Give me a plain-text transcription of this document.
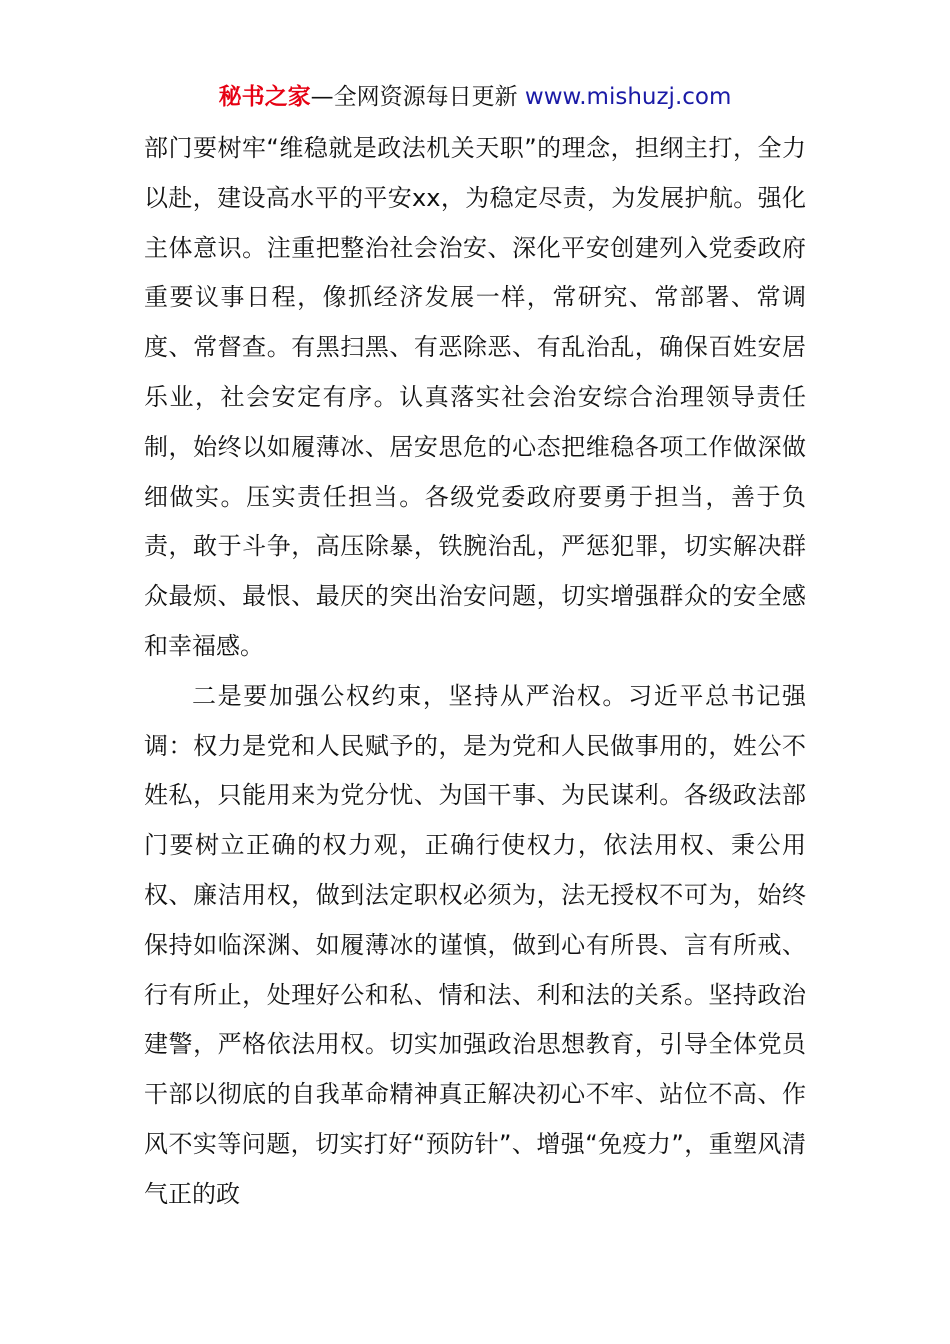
秘书之家—全网资源每日更新 www.mishuzj.com

部门要树牢“维稳就是政法机关天职”的理念，担纲主打，全力以赴，建设高水平的平安xx，为稳定尽责，为发展护航。强化主体意识。注重把整治社会治安、深化平安创建列入党委政府重要议事日程，像抓经济发展一样，常研究、常部署、常调度、常督查。有黑扫黑、有恶除恶、有乱治乱，确保百姓安居乐业，社会安定有序。认真落实社会治安综合治理领导责任制，始终以如履薄冰、居安思危的心态把维稳各项工作做深做细做实。压实责任担当。各级党委政府要勇于担当，善于负责，敢于斗争，高压除暴，铁腕治乱，严惩犯罪，切实解决群众最烦、最恨、最厌的突出治安问题，切实增强群众的安全感和幸福感。

二是要加强公权约束，坚持从严治权。习近平总书记强调：权力是党和人民赋予的，是为党和人民做事用的，姓公不姓私，只能用来为党分忧、为国干事、为民谋利。各级政法部门要树立正确的权力观，正确行使权力，依法用权、秉公用权、廉洁用权，做到法定职权必须为，法无授权不可为，始终保持如临深渊、如履薄冰的谨慎，做到心有所畏、言有所戒、行有所止，处理好公和私、情和法、利和法的关系。坚持政治建警，严格依法用权。切实加强政治思想教育，引导全体党员干部以彻底的自我革命精神真正解决初心不牢、站位不高、作风不实等问题，切实打好“预防针”、增强“免疫力”，重塑风清气正的政
